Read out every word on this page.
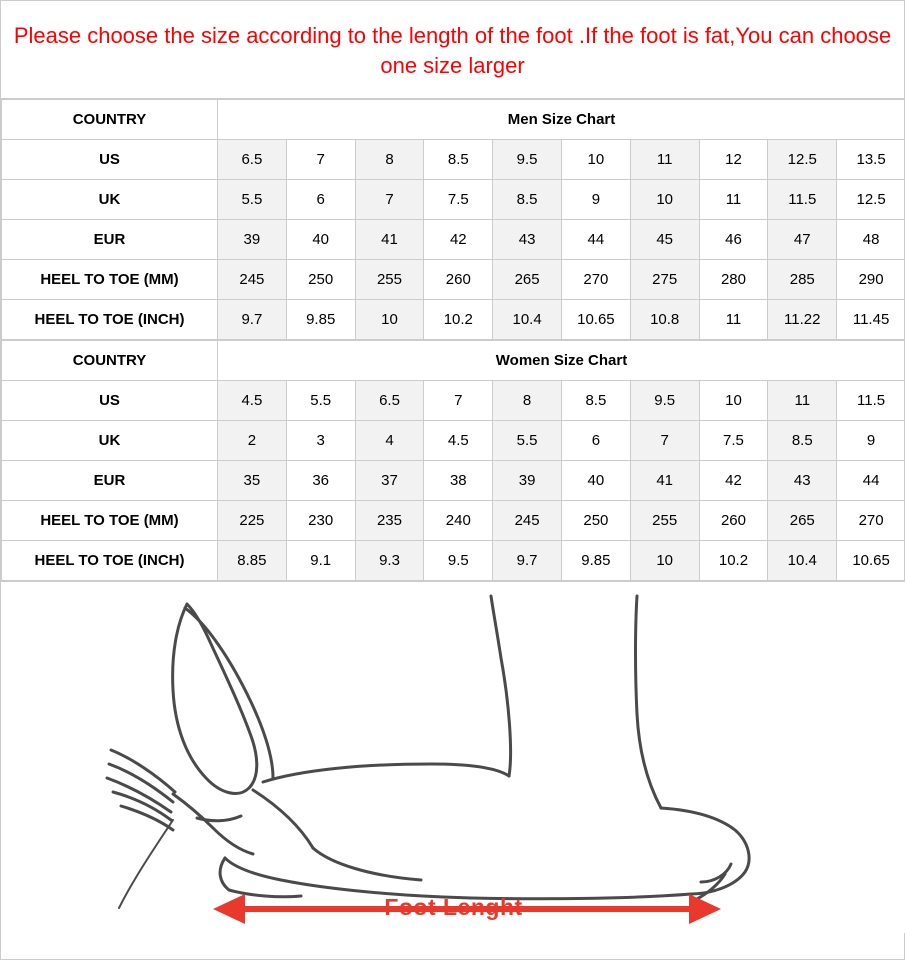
Please choose the size according to the length of the foot .If the foot is fat,You can choose one size larger
COUNTRY	Men Size Chart									
US	6.5	7	8	8.5	9.5	10	11	12	12.5	13.5
UK	5.5	6	7	7.5	8.5	9	10	11	11.5	12.5
EUR	39	40	41	42	43	44	45	46	47	48
HEEL TO TOE (MM)	245	250	255	260	265	270	275	280	285	290
HEEL TO TOE (INCH)	9.7	9.85	10	10.2	10.4	10.65	10.8	11	11.22	11.45
COUNTRY	Women Size Chart									
US	4.5	5.5	6.5	7	8	8.5	9.5	10	11	11.5
UK	2	3	4	4.5	5.5	6	7	7.5	8.5	9
EUR	35	36	37	38	39	40	41	42	43	44
HEEL TO TOE (MM)	225	230	235	240	245	250	255	260	265	270
HEEL TO TOE (INCH)	8.85	9.1	9.3	9.5	9.7	9.85	10	10.2	10.4	10.65
Foot Lenght
